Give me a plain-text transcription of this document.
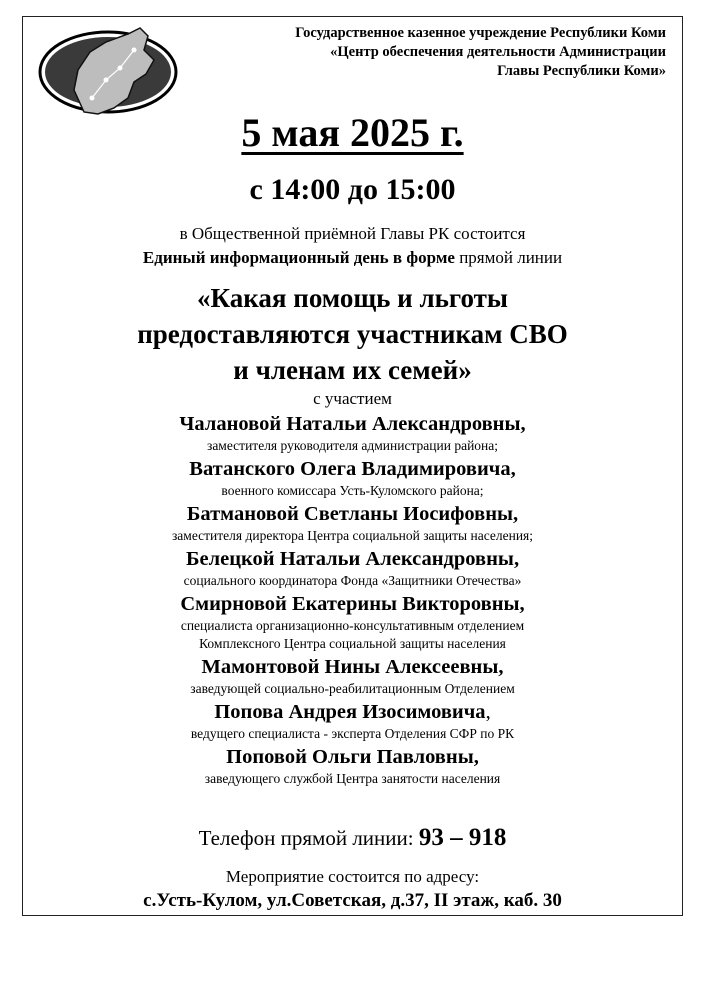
Государственное казенное учреждение Республики Коми
«Центр обеспечения деятельности Администрации
Главы Республики Коми»
5 мая 2025 г.
с 14:00 до 15:00
в Общественной приёмной Главы РК состоится
Единый информационный день в форме прямой линии
«Какая помощь и льготы
предоставляются участникам СВО
и членам их семей»
с участием
Чалановой Натальи Александровны,
заместителя руководителя администрации района;
Ватанского Олега Владимировича,
военного комиссара Усть-Куломского района;
Батмановой Светланы Иосифовны,
заместителя директора Центра социальной защиты населения;
Белецкой Натальи Александровны,
социального координатора Фонда «Защитники Отечества»
Смирновой Екатерины Викторовны,
специалиста организационно-консультативным отделением
Комплексного Центра социальной защиты населения
Мамонтовой Нины Алексеевны,
заведующей социально-реабилитационным Отделением
Попова Андрея Изосимовича,
ведущего специалиста - эксперта Отделения СФР по РК
Поповой Ольги Павловны,
заведующего службой Центра занятости населения
Телефон прямой линии: 93 – 918
Мероприятие состоится по адресу:
с.Усть-Кулом, ул.Советская, д.37, II этаж, каб. 30
